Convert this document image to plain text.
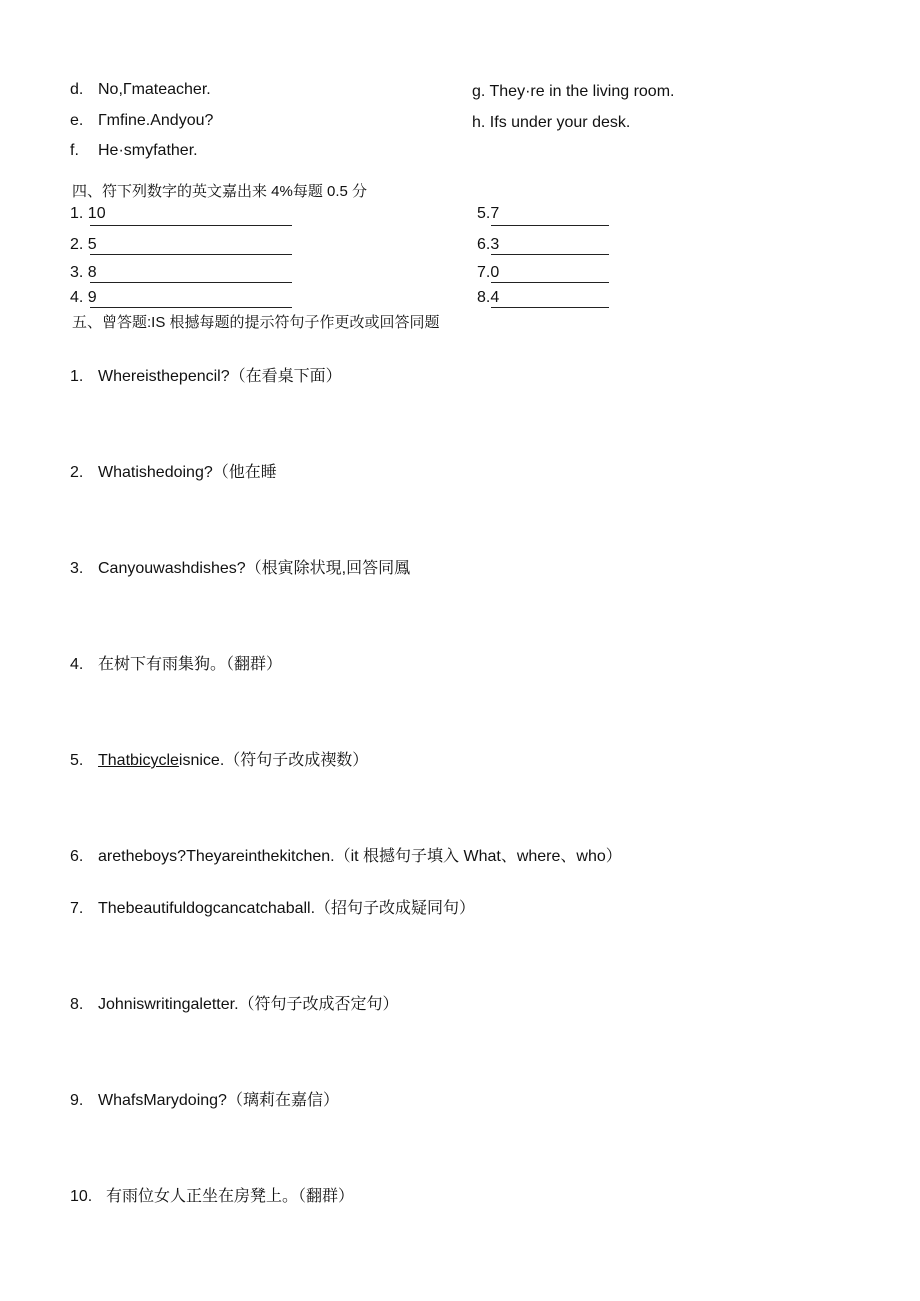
d. No,Гmateacher.
e. Гmfine.Andyou?
f. He·smyfather.
g. They·re in the living room.
h. Ifs under your desk.
四、符下列数字的英文嘉出来 4%每题 0.5 分
1. 10
2. 5
3. 8
4. 9
5.7
6.3
7.0
8.4
五、曾答题:IS 根撼每题的提示符句子作更改或回答同题
1. Whereisthepencil?（在看桌下面）
2. Whatishedoing?（他在睡
3. Canyouwashdishes?（根寅除状現,回答同鳳
4. 在树下有雨集狗。（翻群）
5. Thatbicycleisnice.（符句子改成禊数）
6. aretheboys?Theyareinthekitchen.（it 根撼句子填入 What、where、who）
7. Thebeautifuldogcancatchaball.（招句子改成疑同句）
8. Johniswritingaletter.（符句子改成否定句）
9. WhafsMarydoing?（璃莉在嘉信）
10. 有雨位女人正坐在房凳上。（翻群）
